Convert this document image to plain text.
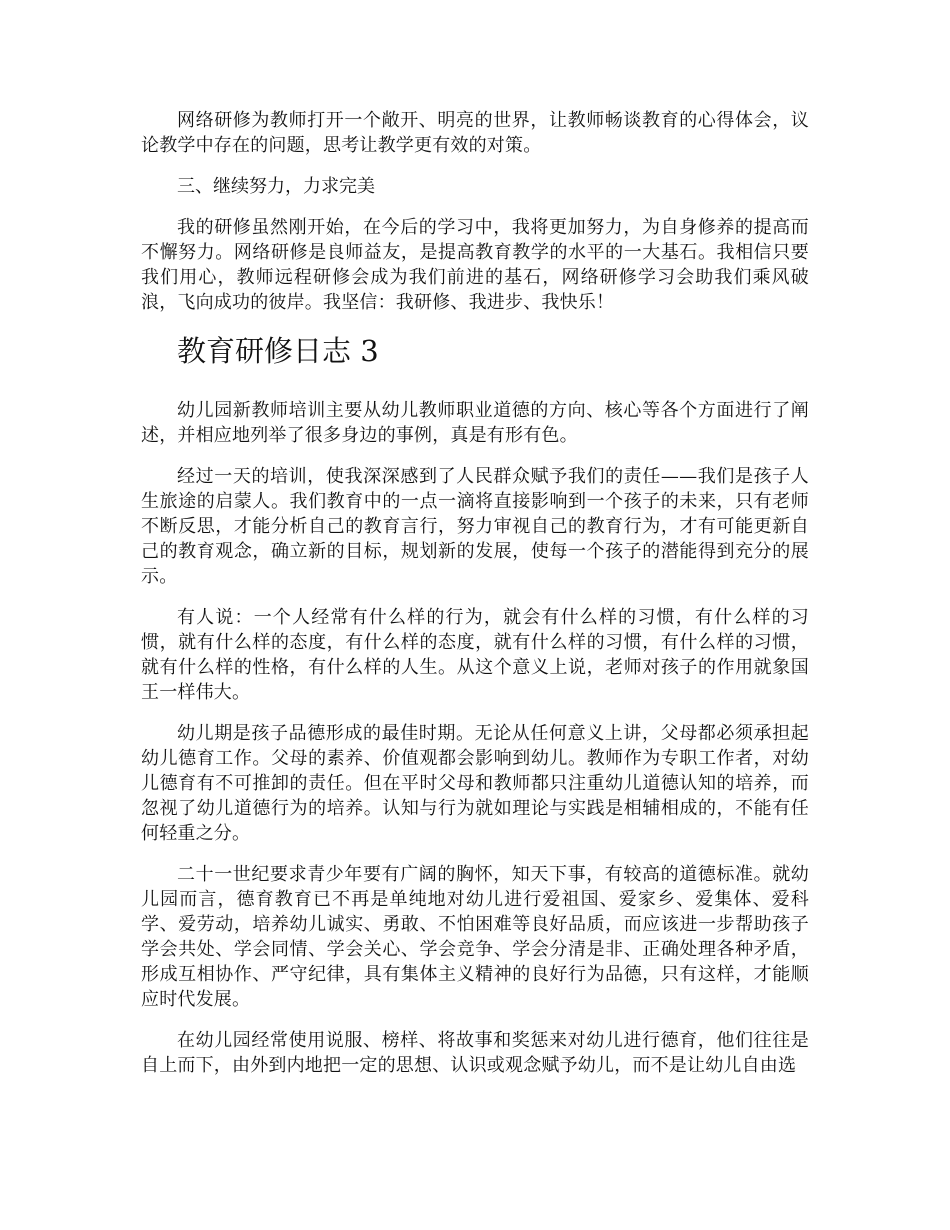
网络研修为教师打开一个敞开、明亮的世界，让教师畅谈教育的心得体会，议论教学中存在的问题，思考让教学更有效的对策。

三、继续努力，力求完美

我的研修虽然刚开始，在今后的学习中，我将更加努力，为自身修养的提高而不懈努力。网络研修是良师益友，是提高教育教学的水平的一大基石。我相信只要我们用心，教师远程研修会成为我们前进的基石，网络研修学习会助我们乘风破浪，飞向成功的彼岸。我坚信：我研修、我进步、我快乐！

教育研修日志 3

幼儿园新教师培训主要从幼儿教师职业道德的方向、核心等各个方面进行了阐述，并相应地列举了很多身边的事例，真是有形有色。

经过一天的培训，使我深深感到了人民群众赋予我们的责任——我们是孩子人生旅途的启蒙人。我们教育中的一点一滴将直接影响到一个孩子的未来，只有老师不断反思，才能分析自己的教育言行，努力审视自己的教育行为，才有可能更新自己的教育观念，确立新的目标，规划新的发展，使每一个孩子的潜能得到充分的展示。

有人说：一个人经常有什么样的行为，就会有什么样的习惯，有什么样的习惯，就有什么样的态度，有什么样的态度，就有什么样的习惯，有什么样的习惯，就有什么样的性格，有什么样的人生。从这个意义上说，老师对孩子的作用就象国王一样伟大。

幼儿期是孩子品德形成的最佳时期。无论从任何意义上讲，父母都必须承担起幼儿德育工作。父母的素养、价值观都会影响到幼儿。教师作为专职工作者，对幼儿德育有不可推卸的责任。但在平时父母和教师都只注重幼儿道德认知的培养，而忽视了幼儿道德行为的培养。认知与行为就如理论与实践是相辅相成的，不能有任何轻重之分。

二十一世纪要求青少年要有广阔的胸怀，知天下事，有较高的道德标准。就幼儿园而言，德育教育已不再是单纯地对幼儿进行爱祖国、爱家乡、爱集体、爱科学、爱劳动，培养幼儿诚实、勇敢、不怕困难等良好品质，而应该进一步帮助孩子学会共处、学会同情、学会关心、学会竞争、学会分清是非、正确处理各种矛盾，形成互相协作、严守纪律，具有集体主义精神的良好行为品德，只有这样，才能顺应时代发展。

在幼儿园经常使用说服、榜样、将故事和奖惩来对幼儿进行德育，他们往往是自上而下，由外到内地把一定的思想、认识或观念赋予幼儿，而不是让幼儿自由选
